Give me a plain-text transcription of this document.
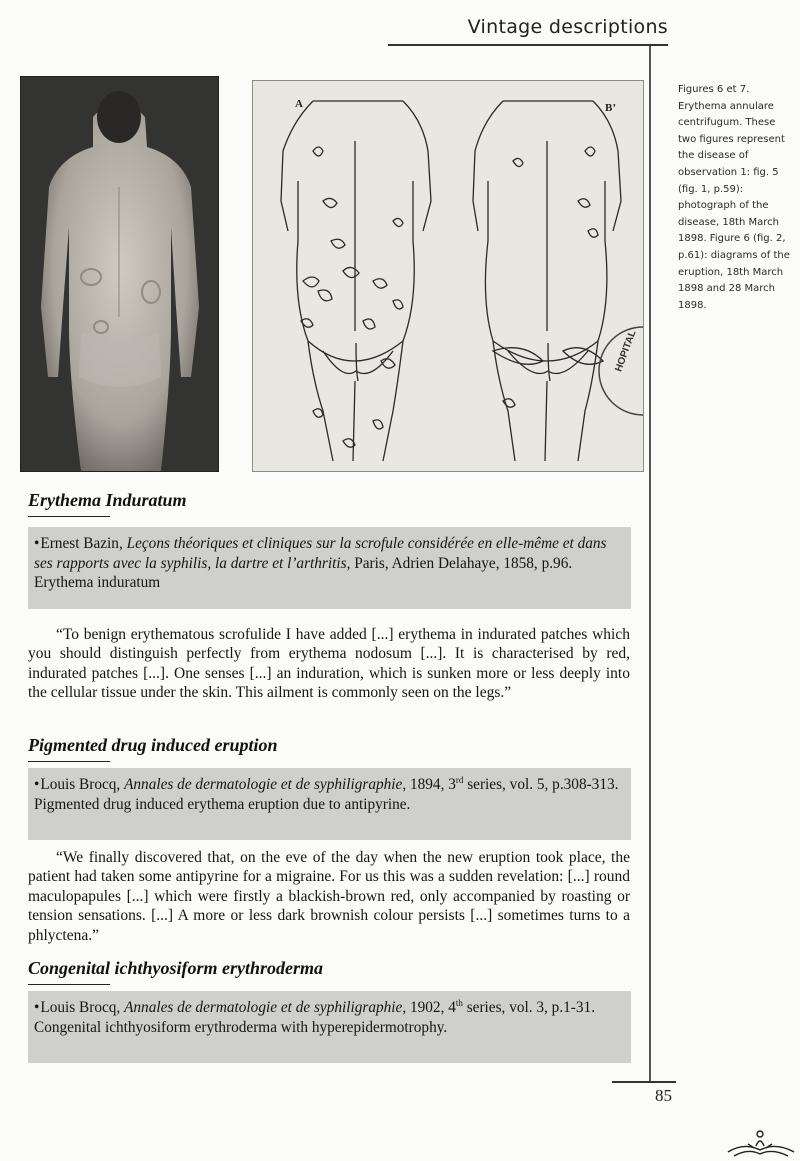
Vintage descriptions

A	B’
HOPITAL
Figures 6 et 7. Erythema annulare centrifugum. These two figures represent the disease of observation 1: fig. 5 (fig. 1, p.59): photograph of the disease, 18th March 1898. Figure 6 (fig. 2, p.61): diagrams of the eruption, 18th March 1898 and 28 March 1898.
Erythema Induratum
•Ernest Bazin, Leçons théoriques et cliniques sur la scrofule considérée en elle-même et dans ses rapports avec la syphilis, la dartre et l’arthritis, Paris, Adrien Delahaye, 1858, p.96.
Erythema induratum
“To benign erythematous scrofulide I have added [...] erythema in indurated patches which you should distinguish perfectly from erythema nodosum [...]. It is characterised by red, indurated patches [...]. One senses [...] an induration, which is sunken more or less deeply into the cellular tissue under the skin. This ailment is commonly seen on the legs.”
Pigmented drug induced eruption
•Louis Brocq, Annales de dermatologie et de syphiligraphie, 1894, 3rd series, vol. 5, p.308-313.
Pigmented drug induced erythema eruption due to antipyrine.
“We finally discovered that, on the eve of the day when the new eruption took place, the patient had taken some antipyrine for a migraine. For us this was a sudden revelation: [...] round maculopapules [...] which were firstly a blackish-brown red, only accompanied by roasting or tension sensations. [...] A more or less dark brownish colour persists [...] sometimes turns to a phlyctena.”
Congenital ichthyosiform erythroderma
•Louis Brocq, Annales de dermatologie et de syphiligraphie, 1902, 4th series, vol. 3, p.1-31.
Congenital ichthyosiform erythroderma with hyperepidermotrophy.
85
